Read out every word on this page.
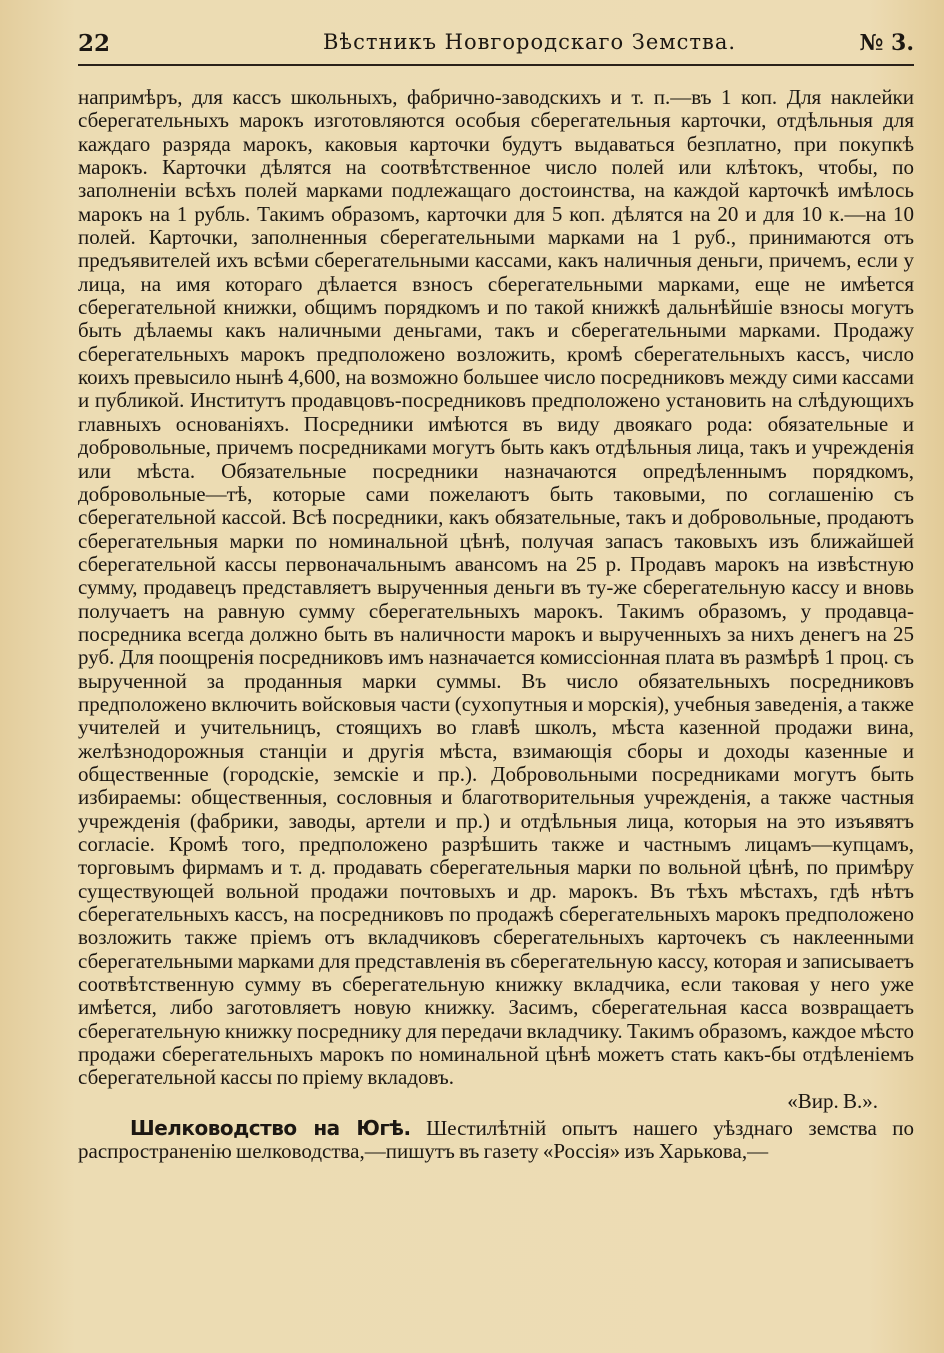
22	Вѣстникъ Новгородскаго Земства.	№ 3.

напримѣръ, для кассъ школьныхъ, фабрично-заводскихъ и т. п.—въ 1 коп. Для наклейки сберегательныхъ марокъ изготовляются особыя сберегательныя карточки, отдѣльныя для каждаго разряда марокъ, каковыя карточки будутъ выдаваться безплатно, при покупкѣ марокъ. Карточки дѣлятся на соотвѣтственное число полей или клѣтокъ, чтобы, по заполненіи всѣхъ полей марками подлежащаго достоинства, на каждой карточкѣ имѣлось марокъ на 1 рубль. Такимъ образомъ, карточки для 5 коп. дѣлятся на 20 и для 10 к.—на 10 полей. Карточки, заполненныя сберегательными марками на 1 руб., принимаются отъ предъявителей ихъ всѣми сберегательными кассами, какъ наличныя деньги, причемъ, если у лица, на имя котораго дѣлается взносъ сберегательными марками, еще не имѣется сберегательной книжки, общимъ порядкомъ и по такой книжкѣ дальнѣйшіе взносы могутъ быть дѣлаемы какъ наличными деньгами, такъ и сберегательными марками. Продажу сберегательныхъ марокъ предположено возложить, кромѣ сберегательныхъ кассъ, число коихъ превысило нынѣ 4,600, на возможно большее число посредниковъ между сими кассами и публикой. Институтъ продавцовъ-посредниковъ предположено установить на слѣдующихъ главныхъ основаніяхъ. Посредники имѣются въ виду двоякаго рода: обязательные и добровольные, причемъ посредниками могутъ быть какъ отдѣльныя лица, такъ и учрежденія или мѣста. Обязательные посредники назначаются опредѣленнымъ порядкомъ, добровольные—тѣ, которые сами пожелаютъ быть таковыми, по соглашенію съ сберегательной кассой. Всѣ посредники, какъ обязательные, такъ и добровольные, продаютъ сберегательныя марки по номинальной цѣнѣ, получая запасъ таковыхъ изъ ближайшей сберегательной кассы первоначальнымъ авансомъ на 25 р. Продавъ марокъ на извѣстную сумму, продавецъ представляетъ вырученныя деньги въ ту-же сберегательную кассу и вновь получаетъ на равную сумму сберегательныхъ марокъ. Такимъ образомъ, у продавца-посредника всегда должно быть въ наличности марокъ и вырученныхъ за нихъ денегъ на 25 руб. Для поощренія посредниковъ имъ назначается комиссіонная плата въ размѣрѣ 1 проц. съ вырученной за проданныя марки суммы. Въ число обязательныхъ посредниковъ предположено включить войсковыя части (сухопутныя и морскія), учебныя заведенія, а также учителей и учительницъ, стоящихъ во главѣ школъ, мѣста казенной продажи вина, желѣзнодорожныя станціи и другія мѣста, взимающія сборы и доходы казенные и общественные (городскіе, земскіе и пр.). Добровольными посредниками могутъ быть избираемы: общественныя, сословныя и благотворительныя учрежденія, а также частныя учрежденія (фабрики, заводы, артели и пр.) и отдѣльныя лица, которыя на это изъявятъ согласіе. Кромѣ того, предположено разрѣшить также и частнымъ лицамъ—купцамъ, торговымъ фирмамъ и т. д. продавать сберегательныя марки по вольной цѣнѣ, по примѣру существующей вольной продажи почтовыхъ и др. марокъ. Въ тѣхъ мѣстахъ, гдѣ нѣтъ сберегательныхъ кассъ, на посредниковъ по продажѣ сберегательныхъ марокъ предположено возложить также пріемъ отъ вкладчиковъ сберегательныхъ карточекъ съ наклеенными сберегательными марками для представленія въ сберегательную кассу, которая и записываетъ соотвѣтственную сумму въ сберегательную книжку вкладчика, если таковая у него уже имѣется, либо заготовляетъ новую книжку. Засимъ, сберегательная касса возвращаетъ сберегательную книжку посреднику для передачи вкладчику. Такимъ образомъ, каждое мѣсто продажи сберегательныхъ марокъ по номинальной цѣнѣ можетъ стать какъ-бы отдѣленіемъ сберегательной кассы по пріему вкладовъ.
«Вир. В.».

Шелководство на Югѣ. Шестилѣтній опытъ нашего уѣзднаго земства по распространенію шелководства,—пишутъ въ газету «Россія» изъ Харькова,—
